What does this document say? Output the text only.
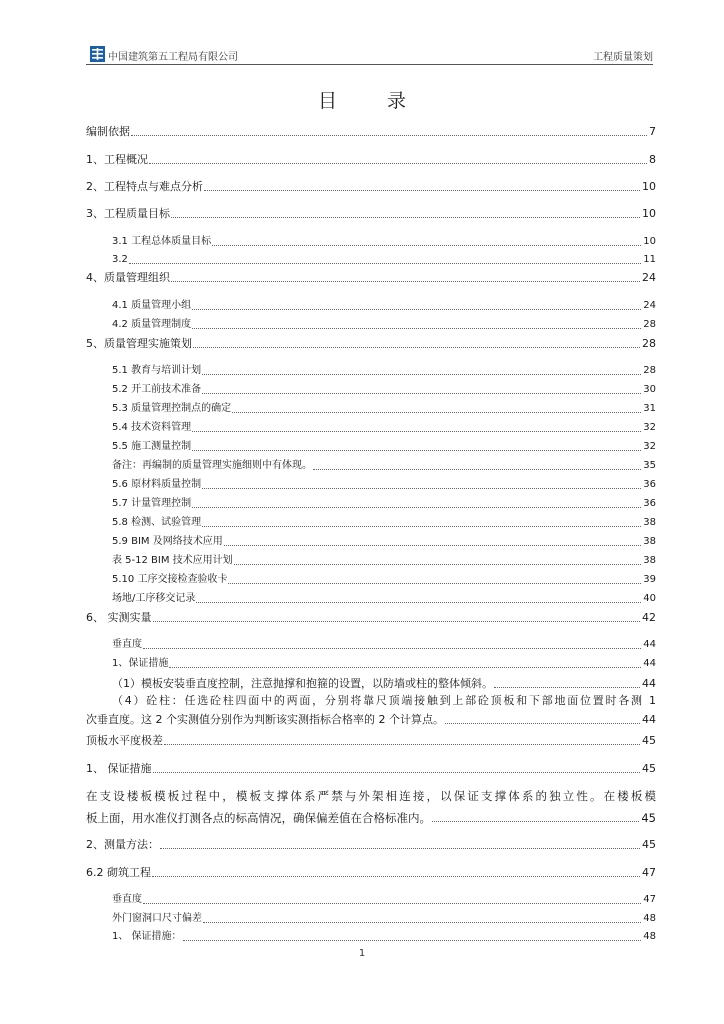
中国建筑第五工程局有限公司	工程质量策划
目 录
编制依据	7
1、工程概况	8
2、工程特点与难点分析	10
3、工程质量目标	10
3.1 工程总体质量目标	10
3.2	11
4、质量管理组织	24
4.1 质量管理小组	24
4.2 质量管理制度	28
5、质量管理实施策划	28
5.1 教育与培训计划	28
5.2 开工前技术准备	30
5.3 质量管理控制点的确定	31
5.4 技术资料管理	32
5.5 施工测量控制	32
备注：再编制的质量管理实施细则中有体现。	35
5.6 原材料质量控制	36
5.7 计量管理控制	36
5.8 检测、试验管理	38
5.9 BIM 及网络技术应用	38
表 5-12 BIM 技术应用计划	38
5.10 工序交接检查验收卡	39
场地/工序移交记录	40
6、 实测实量	42
垂直度	44
1、保证措施	44
（1）模板安装垂直度控制，注意抛撑和抱箍的设置，以防墙或柱的整体倾斜。	44
（4）砼柱：任选砼柱四面中的两面，分别将靠尺顶端接触到上部砼顶板和下部地面位置时各测 1
次垂直度。这 2 个实测值分别作为判断该实测指标合格率的 2 个计算点。	44
顶板水平度极差	45
1、 保证措施	45
在支设楼板模板过程中，模板支撑体系严禁与外架相连接，以保证支撑体系的独立性。在楼板模
板上面，用水准仪打测各点的标高情况，确保偏差值在合格标准内。	45
2、测量方法：	45
6.2 砌筑工程	47
垂直度	47
外门窗洞口尺寸偏差	48
1、 保证措施：	48
1
